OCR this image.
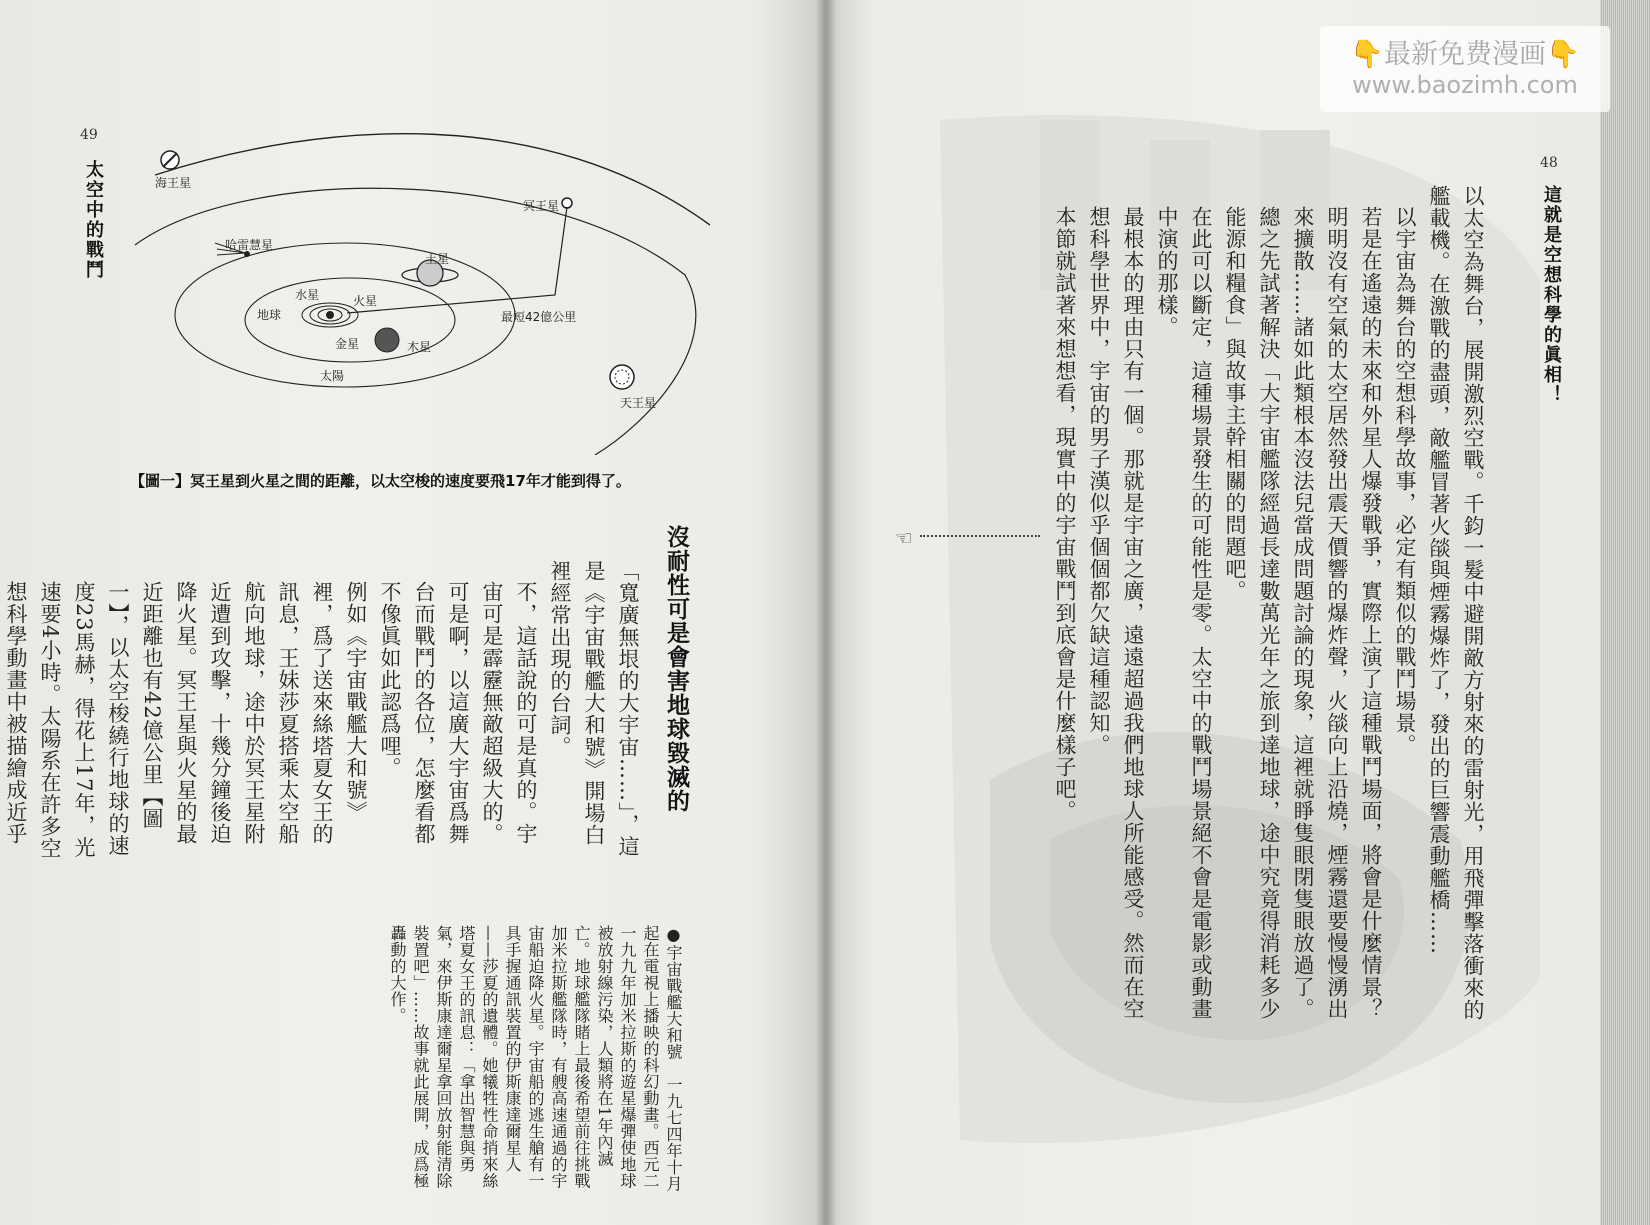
👇最新免费漫画👇
www.baozimh.com
48
這就是空想科學的眞相！
以太空為舞台，展開激烈空戰。千鈞一髮中避開敵方射來的雷射光，用飛彈擊落衝來的艦載機。在激戰的盡頭，敵艦冒著火燄與煙霧爆炸了，發出的巨響震動艦橋……
以宇宙為舞台的空想科學故事，必定有類似的戰鬥場景。
若是在遙遠的未來和外星人爆發戰爭，實際上演了這種戰鬥場面，將會是什麼情景？
明明沒有空氣的太空居然發出震天價響的爆炸聲，火燄向上沿燒，煙霧還要慢慢湧出來擴散……諸如此類根本沒法兒當成問題討論的現象，這裡就睜隻眼閉隻眼放過了。總之先試著解決「大宇宙艦隊經過長達數萬光年之旅到達地球，途中究竟得消耗多少能源和糧食」與故事主幹相關的問題吧。
在此可以斷定，這種場景發生的可能性是零。太空中的戰鬥場景絕不會是電影或動畫中演的那樣。
最根本的理由只有一個。那就是宇宙之廣，遠遠超過我們地球人所能感受。然而在空想科學世界中，宇宙的男子漢似乎個個都欠缺這種認知。
本節就試著來想想看，現實中的宇宙戰鬥到底會是什麼樣子吧。
☜
49
太空中的戰鬥	海王星
冥王星
哈雷慧星
土星
水星	火星
地球
金星	木星
太陽
天王星
最短42億公里
【圖一】冥王星到火星之間的距離，以太空梭的速度要飛17年才能到得了。
沒耐性可是會害地球毀滅的
「寬廣無垠的大宇宙……」，這是《宇宙戰艦大和號》開場白裡經常出現的台詞。
不，這話說的可是真的。宇宙可是霹靂無敵超級大的。
可是啊，以這廣大宇宙爲舞台而戰鬥的各位，怎麼看都不像眞如此認爲哩。
例如《宇宙戰艦大和號》裡，爲了送來絲塔夏女王的訊息，王妹莎夏搭乘太空船航向地球，途中於冥王星附近遭到攻擊，十幾分鐘後迫降火星。冥王星與火星的最近距離也有42億公里【圖一】，以太空梭繞行地球的速度23馬赫，得花上17年，光速要4小時。太陽系在許多空想科學動畫中被描繪成近乎
●宇宙戰艦大和號　一九七四年十月起在電視上播映的科幻動畫。西元二一九九年加米拉斯的遊星爆彈使地球被放射線污染，人類將在1年內滅亡。地球艦隊賭上最後希望前往挑戰加米拉斯艦隊時，有艘高速通過的宇宙船迫降火星。宇宙船的逃生艙有一具手握通訊裝置的伊斯康達爾星人——莎夏的遺體。她犧牲性命捎來絲塔夏女王的訊息：「拿出智慧與勇氣，來伊斯康達爾星拿回放射能清除裝置吧」……故事就此展開，成爲極轟動的大作。
